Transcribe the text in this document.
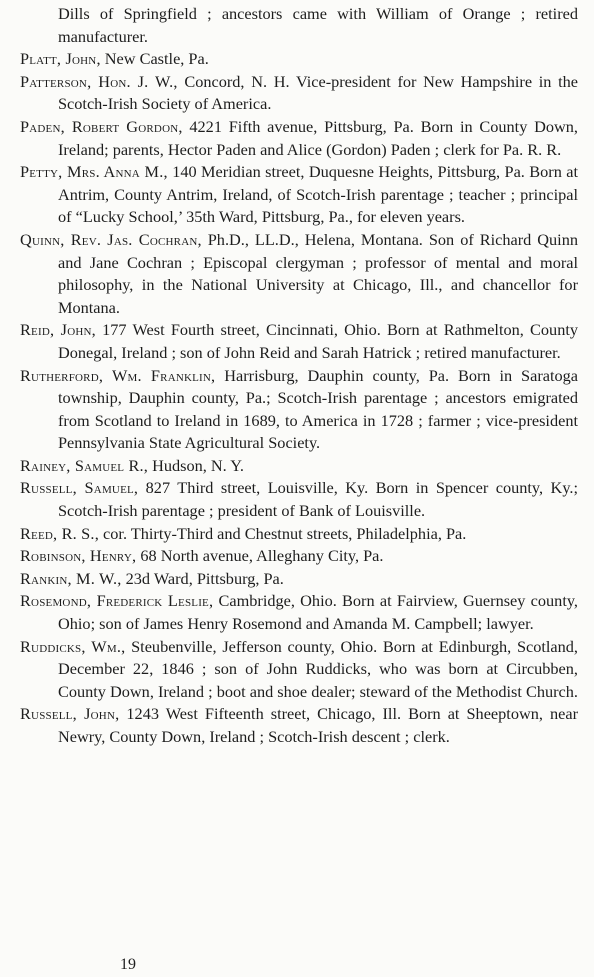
Dills of Springfield ; ancestors came with William of Orange ; retired manufacturer.

Platt, John, New Castle, Pa.

Patterson, Hon. J. W., Concord, N. H. Vice-president for New Hampshire in the Scotch-Irish Society of America.

Paden, Robert Gordon, 4221 Fifth avenue, Pittsburg, Pa. Born in County Down, Ireland; parents, Hector Paden and Alice (Gordon) Paden ; clerk for Pa. R. R.

Petty, Mrs. Anna M., 140 Meridian street, Duquesne Heights, Pittsburg, Pa. Born at Antrim, County Antrim, Ireland, of Scotch-Irish parentage ; teacher ; principal of “Lucky School,’ 35th Ward, Pittsburg, Pa., for eleven years.

Quinn, Rev. Jas. Cochran, Ph.D., LL.D., Helena, Montana. Son of Richard Quinn and Jane Cochran ; Episcopal clergyman ; professor of mental and moral philosophy, in the National University at Chicago, Ill., and chancellor for Montana.

Reid, John, 177 West Fourth street, Cincinnati, Ohio. Born at Rathmelton, County Donegal, Ireland ; son of John Reid and Sarah Hatrick ; retired manufacturer.

Rutherford, Wm. Franklin, Harrisburg, Dauphin county, Pa. Born in Saratoga township, Dauphin county, Pa.; Scotch-Irish parentage ; ancestors emigrated from Scotland to Ireland in 1689, to America in 1728 ; farmer ; vice-president Pennsylvania State Agricultural Society.

Rainey, Samuel R., Hudson, N. Y.

Russell, Samuel, 827 Third street, Louisville, Ky. Born in Spencer county, Ky.; Scotch-Irish parentage ; president of Bank of Louisville.

Reed, R. S., cor. Thirty-Third and Chestnut streets, Philadelphia, Pa.

Robinson, Henry, 68 North avenue, Alleghany City, Pa.

Rankin, M. W., 23d Ward, Pittsburg, Pa.

Rosemond, Frederick Leslie, Cambridge, Ohio. Born at Fairview, Guernsey county, Ohio; son of James Henry Rosemond and Amanda M. Campbell; lawyer.

Ruddicks, Wm., Steubenville, Jefferson county, Ohio. Born at Edinburgh, Scotland, December 22, 1846 ; son of John Ruddicks, who was born at Circubben, County Down, Ireland ; boot and shoe dealer; steward of the Methodist Church.

Russell, John, 1243 West Fifteenth street, Chicago, Ill. Born at Sheeptown, near Newry, County Down, Ireland ; Scotch-Irish descent ; clerk.

19
